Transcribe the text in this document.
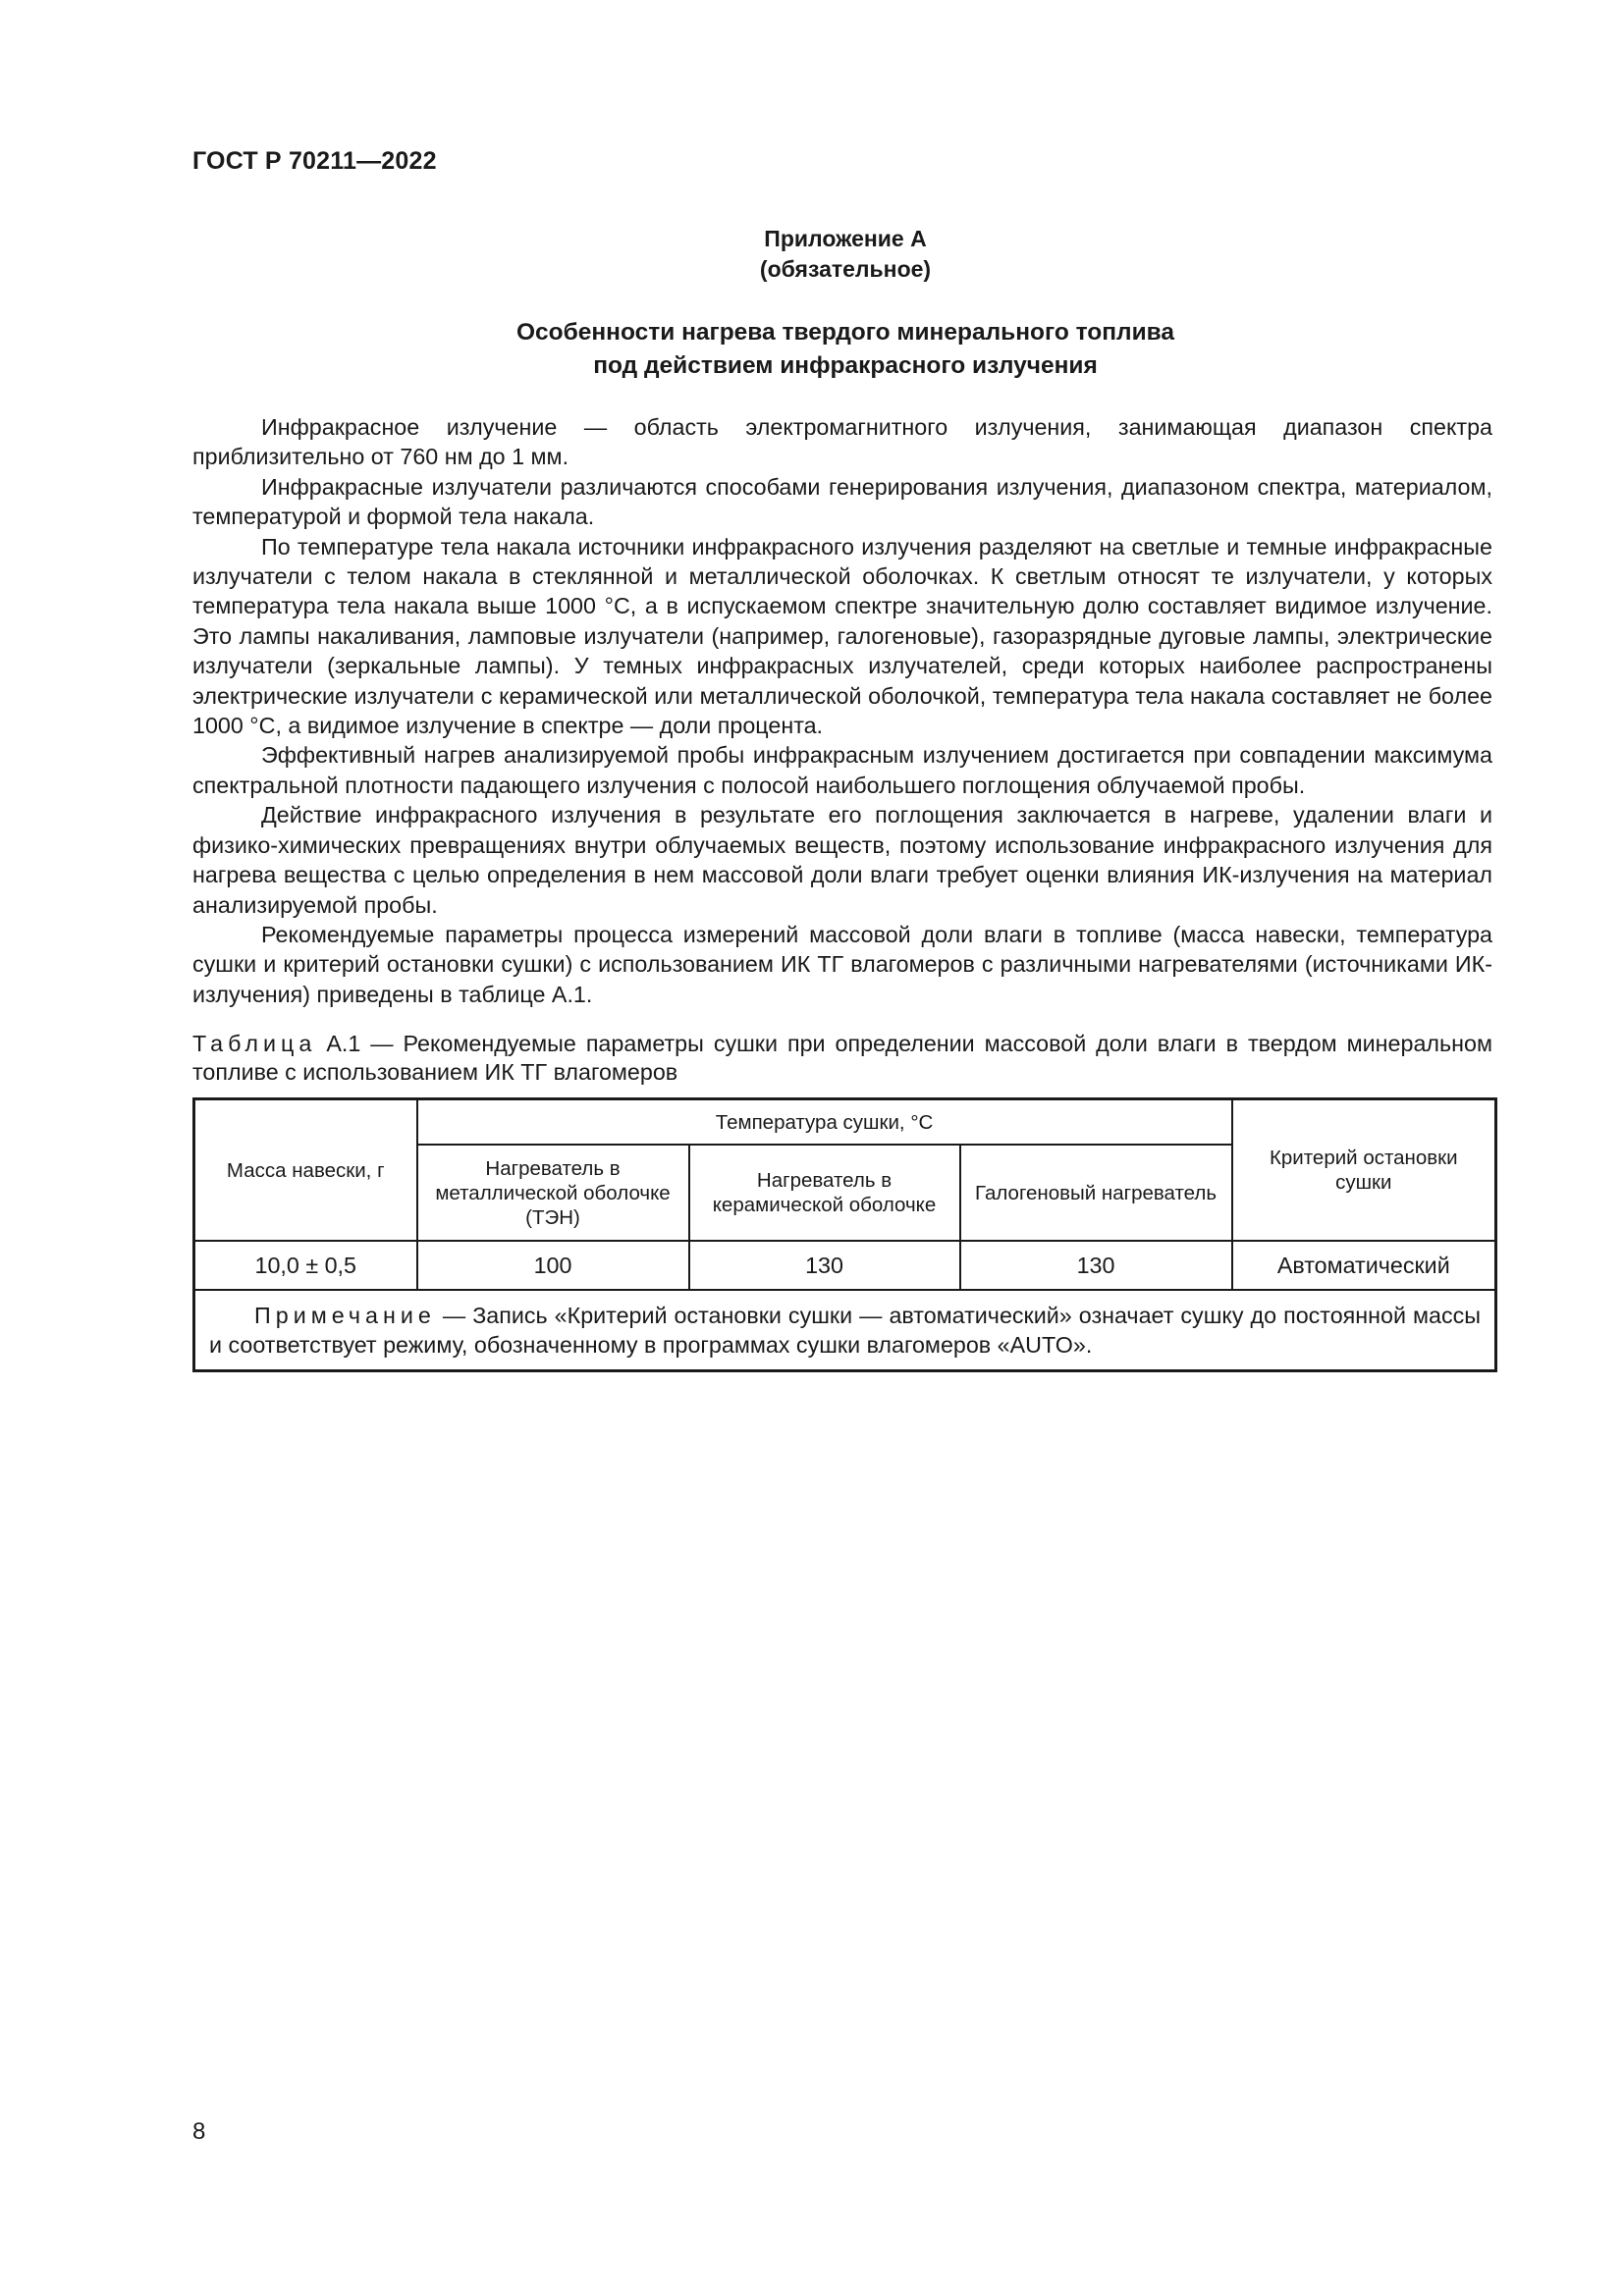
ГОСТ Р 70211—2022
Приложение А
(обязательное)
Особенности нагрева твердого минерального топлива
под действием инфракрасного излучения

Инфракрасное излучение — область электромагнитного излучения, занимающая диапазон спектра приблизительно от 760 нм до 1 мм.

Инфракрасные излучатели различаются способами генерирования излучения, диапазоном спектра, материалом, температурой и формой тела накала.

По температуре тела накала источники инфракрасного излучения разделяют на светлые и темные инфракрасные излучатели с телом накала в стеклянной и металлической оболочках. К светлым относят те излучатели, у которых температура тела накала выше 1000 °С, а в испускаемом спектре значительную долю составляет видимое излучение. Это лампы накаливания, ламповые излучатели (например, галогеновые), газоразрядные дуговые лампы, электрические излучатели (зеркальные лампы). У темных инфракрасных излучателей, среди которых наиболее распространены электрические излучатели с керамической или металлической оболочкой, температура тела накала составляет не более 1000 °С, а видимое излучение в спектре — доли процента.

Эффективный нагрев анализируемой пробы инфракрасным излучением достигается при совпадении максимума спектральной плотности падающего излучения с полосой наибольшего поглощения облучаемой пробы.

Действие инфракрасного излучения в результате его поглощения заключается в нагреве, удалении влаги и физико-химических превращениях внутри облучаемых веществ, поэтому использование инфракрасного излучения для нагрева вещества с целью определения в нем массовой доли влаги требует оценки влияния ИК-излучения на материал анализируемой пробы.

Рекомендуемые параметры процесса измерений массовой доли влаги в топливе (масса навески, температура сушки и критерий остановки сушки) с использованием ИК ТГ влагомеров с различными нагревателями (источниками ИК-излучения) приведены в таблице А.1.

Таблица А.1 — Рекомендуемые параметры сушки при определении массовой доли влаги в твердом минеральном топливе с использованием ИК ТГ влагомеров
Масса навески, г	Температура сушки, °С			Критерий остановки сушки
	Нагреватель в металлической оболочке (ТЭН)	Нагреватель в керамической оболочке	Галогеновый нагреватель	
10,0 ± 0,5	100	130	130	Автоматический
Примечание — Запись «Критерий остановки сушки — автоматический» означает сушку до постоянной массы и соответствует режиму, обозначенному в программах сушки влагомеров «AUTO».				
8
